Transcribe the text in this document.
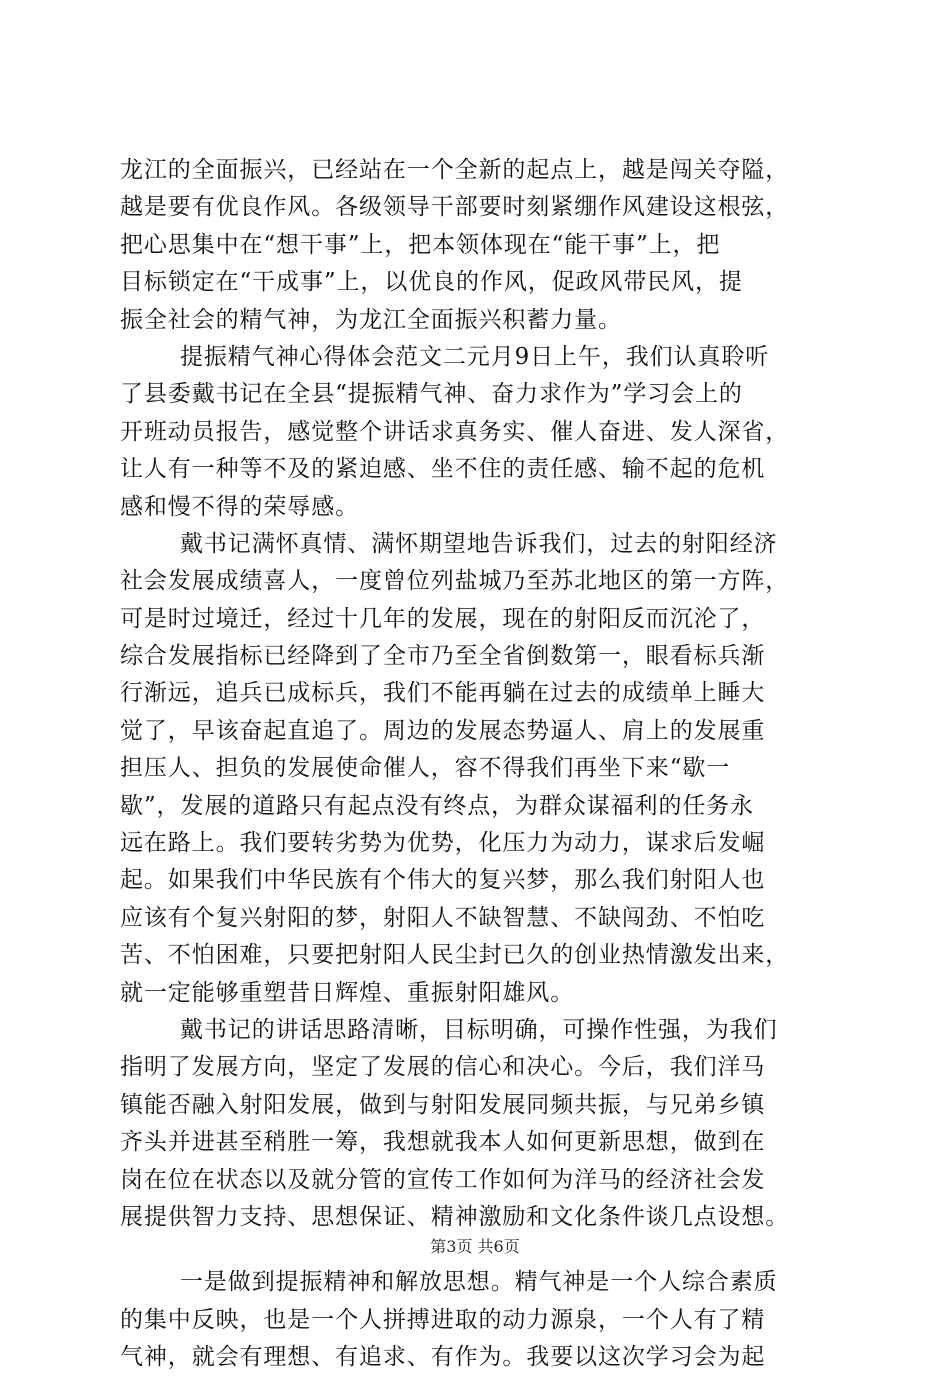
龙江的全面振兴，已经站在一个全新的起点上，越是闯关夺隘，
越是要有优良作风。各级领导干部要时刻紧绷作风建设这根弦，
把心思集中在“想干事”上，把本领体现在“能干事”上，把
目标锁定在“干成事”上，以优良的作风，促政风带民风，提
振全社会的精气神，为龙江全面振兴积蓄力量。
提振精气神心得体会范文二元月9日上午，我们认真聆听
了县委戴书记在全县“提振精气神、奋力求作为”学习会上的
开班动员报告，感觉整个讲话求真务实、催人奋进、发人深省，
让人有一种等不及的紧迫感、坐不住的责任感、输不起的危机
感和慢不得的荣辱感。
戴书记满怀真情、满怀期望地告诉我们，过去的射阳经济
社会发展成绩喜人，一度曾位列盐城乃至苏北地区的第一方阵，
可是时过境迁，经过十几年的发展，现在的射阳反而沉沦了，
综合发展指标已经降到了全市乃至全省倒数第一，眼看标兵渐
行渐远，追兵已成标兵，我们不能再躺在过去的成绩单上睡大
觉了，早该奋起直追了。周边的发展态势逼人、肩上的发展重
担压人、担负的发展使命催人，容不得我们再坐下来“歇一
歇”，发展的道路只有起点没有终点，为群众谋福利的任务永
远在路上。我们要转劣势为优势，化压力为动力，谋求后发崛
起。如果我们中华民族有个伟大的复兴梦，那么我们射阳人也
应该有个复兴射阳的梦，射阳人不缺智慧、不缺闯劲、不怕吃
苦、不怕困难，只要把射阳人民尘封已久的创业热情激发出来，
就一定能够重塑昔日辉煌、重振射阳雄风。
戴书记的讲话思路清晰，目标明确，可操作性强，为我们
指明了发展方向，坚定了发展的信心和决心。今后，我们洋马
镇能否融入射阳发展，做到与射阳发展同频共振，与兄弟乡镇
齐头并进甚至稍胜一筹，我想就我本人如何更新思想，做到在
岗在位在状态以及就分管的宣传工作如何为洋马的经济社会发
展提供智力支持、思想保证、精神激励和文化条件谈几点设想。
一是做到提振精神和解放思想。精气神是一个人综合素质
的集中反映，也是一个人拼搏进取的动力源泉，一个人有了精
气神，就会有理想、有追求、有作为。我要以这次学习会为起
第3页 共6页
